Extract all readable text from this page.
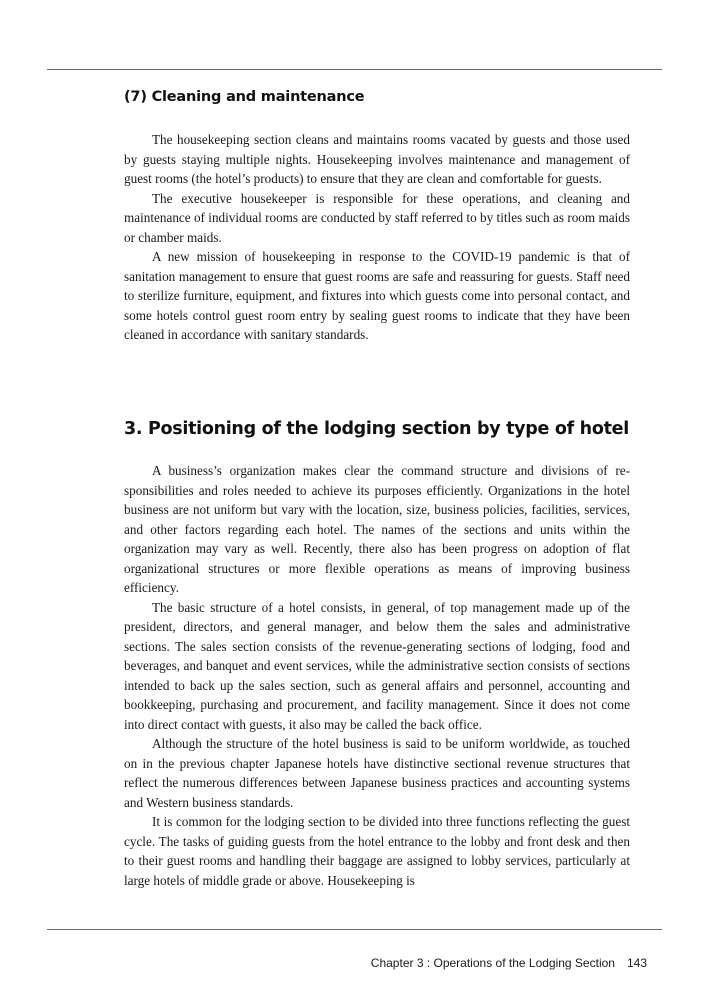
(7) Cleaning and maintenance

The housekeeping section cleans and maintains rooms vacated by guests and those used by guests staying multiple nights. Housekeeping involves maintenance and management of guest rooms (the hotel’s products) to ensure that they are clean and comfortable for guests.

The executive housekeeper is responsible for these operations, and cleaning and maintenance of individual rooms are conducted by staff referred to by titles such as room maids or chamber maids.

A new mission of housekeeping in response to the COVID-19 pandemic is that of sanitation management to ensure that guest rooms are safe and reassuring for guests. Staff need to sterilize furniture, equipment, and fixtures into which guests come into personal contact, and some hotels control guest room entry by sealing guest rooms to indicate that they have been cleaned in accordance with sanitary standards.

3. Positioning of the lodging section by type of hotel

A business’s organization makes clear the command structure and divisions of responsibilities and roles needed to achieve its purposes efficiently. Organizations in the hotel business are not uniform but vary with the location, size, business policies, facilities, services, and other factors regarding each hotel. The names of the sections and units within the organization may vary as well. Recently, there also has been progress on adoption of flat organizational structures or more flexible operations as means of improving business efficiency.

The basic structure of a hotel consists, in general, of top management made up of the president, directors, and general manager, and below them the sales and administrative sections. The sales section consists of the revenue-generating sections of lodging, food and beverages, and banquet and event services, while the administrative section consists of sections intended to back up the sales section, such as general affairs and personnel, accounting and bookkeeping, purchasing and procurement, and facility management. Since it does not come into direct contact with guests, it also may be called the back office.

Although the structure of the hotel business is said to be uniform worldwide, as touched on in the previous chapter Japanese hotels have distinctive sectional revenue structures that reflect the numerous differences between Japanese business practices and accounting systems and Western business standards.

It is common for the lodging section to be divided into three functions reflecting the guest cycle. The tasks of guiding guests from the hotel entrance to the lobby and front desk and then to their guest rooms and handling their baggage are assigned to lobby services, particularly at large hotels of middle grade or above. Housekeeping is

Chapter 3 : Operations of the Lodging Section 143
